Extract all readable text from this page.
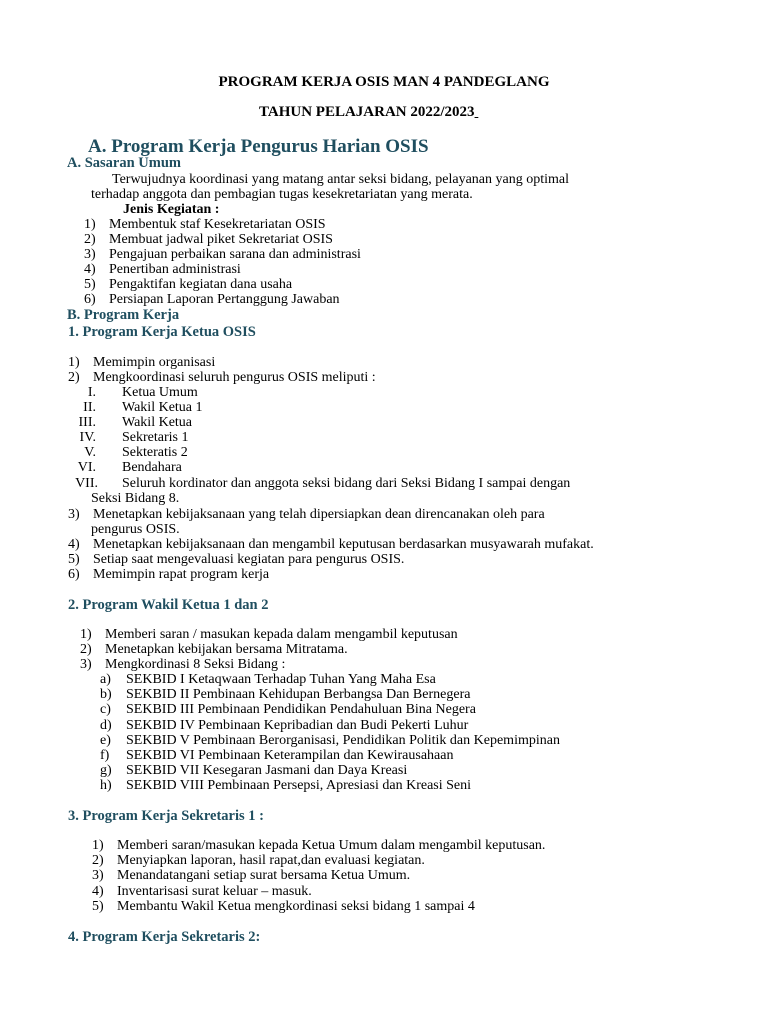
PROGRAM KERJA OSIS MAN 4 PANDEGLANG
TAHUN PELAJARAN 2022/2023
A. Program Kerja Pengurus Harian OSIS
A. Sasaran Umum
Terwujudnya koordinasi yang matang antar seksi bidang, pelayanan yang optimal
terhadap anggota dan pembagian tugas kesekretariatan yang merata.
Jenis Kegiatan :
1) Membentuk staf Kesekretariatan OSIS
2) Membuat jadwal piket Sekretariat OSIS
3) Pengajuan perbaikan sarana dan administrasi
4) Penertiban administrasi
5) Pengaktifan kegiatan dana usaha
6) Persiapan Laporan Pertanggung Jawaban
B. Program Kerja
1. Program Kerja Ketua OSIS
1) Memimpin organisasi
2) Mengkoordinasi seluruh pengurus OSIS meliputi :
I. Ketua Umum
II. Wakil Ketua 1
III. Wakil Ketua
IV. Sekretaris 1
V. Sekteratis 2
VI. Bendahara
VII. Seluruh kordinator dan anggota seksi bidang dari Seksi Bidang I sampai dengan
Seksi Bidang 8.
3) Menetapkan kebijaksanaan yang telah dipersiapkan dean direncanakan oleh para
pengurus OSIS.
4) Menetapkan kebijaksanaan dan mengambil keputusan berdasarkan musyawarah mufakat.
5) Setiap saat mengevaluasi kegiatan para pengurus OSIS.
6) Memimpin rapat program kerja
2. Program Wakil Ketua 1 dan 2
1) Memberi saran / masukan kepada dalam mengambil keputusan
2) Menetapkan kebijakan bersama Mitratama.
3) Mengkordinasi 8 Seksi Bidang :
a) SEKBID I Ketaqwaan Terhadap Tuhan Yang Maha Esa
b) SEKBID II Pembinaan Kehidupan Berbangsa Dan Bernegera
c) SEKBID III Pembinaan Pendidikan Pendahuluan Bina Negera
d) SEKBID IV Pembinaan Kepribadian dan Budi Pekerti Luhur
e) SEKBID V Pembinaan Berorganisasi, Pendidikan Politik dan Kepemimpinan
f) SEKBID VI Pembinaan Keterampilan dan Kewirausahaan
g) SEKBID VII Kesegaran Jasmani dan Daya Kreasi
h) SEKBID VIII Pembinaan Persepsi, Apresiasi dan Kreasi Seni
3. Program Kerja Sekretaris 1 :
1) Memberi saran/masukan kepada Ketua Umum dalam mengambil keputusan.
2) Menyiapkan laporan, hasil rapat,dan evaluasi kegiatan.
3) Menandatangani setiap surat bersama Ketua Umum.
4) Inventarisasi surat keluar – masuk.
5) Membantu Wakil Ketua mengkordinasi seksi bidang 1 sampai 4
4. Program Kerja Sekretaris 2:
